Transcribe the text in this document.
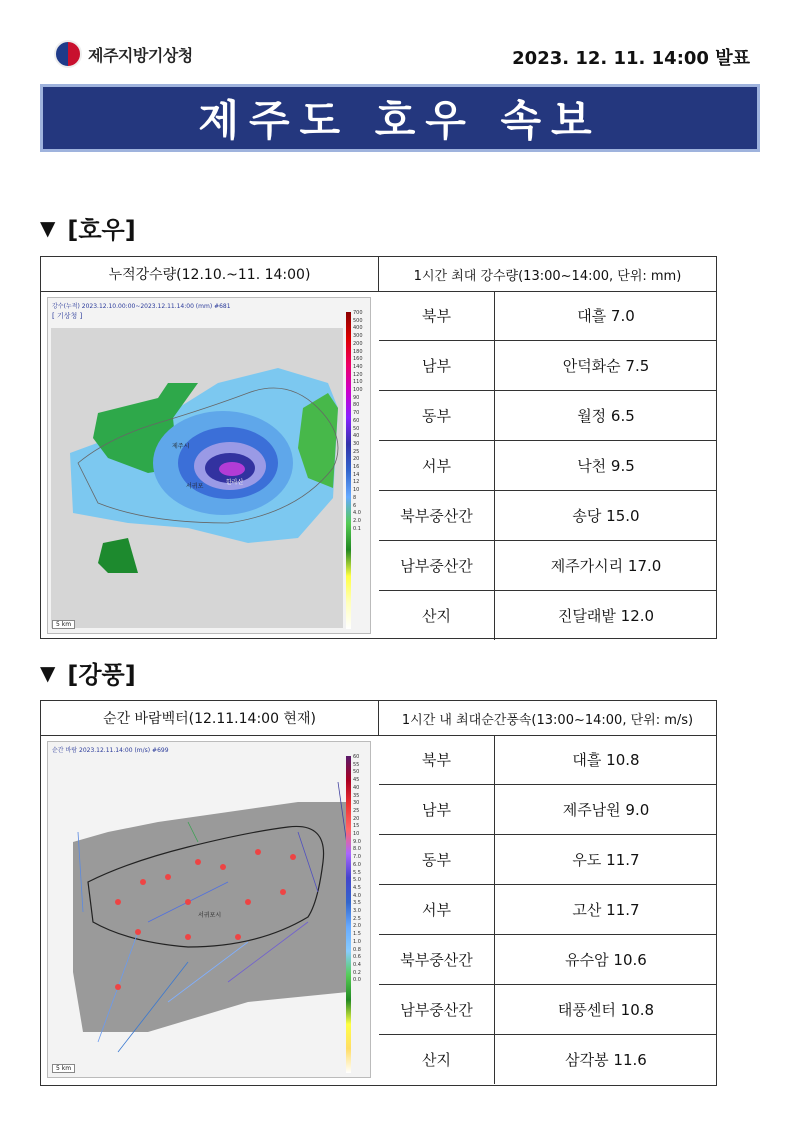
제주지방기상청	2023. 12. 11. 14:00 발표
제주도 호우 속보
▼ [호우]
누적강수량(12.10.~11. 14:00)	1시간 최대 강수량(13:00~14:00, 단위: mm)
강수(누적) 2023.12.10.00:00~2023.12.11.14:00 (mm) #681
[ 기상청 ]
제주시
서귀포
한라산
700
500
400
300
200
180
160
140
120
110
100
90
80
70
60
50
40
30
25
20
16
14
12
10
8
6
4.0
2.0
0.1
5 km
북부	대흘 7.0
남부	안덕화순 7.5
동부	월정 6.5
서부	낙천 9.5
북부중산간	송당 15.0
남부중산간	제주가시리 17.0
산지	진달래밭 12.0
▼ [강풍]
순간 바람벡터(12.11.14:00 현재)	1시간 내 최대순간풍속(13:00~14:00, 단위: m/s)
순간 바람 2023.12.11.14:00 (m/s) #699
서귀포시
60
55
50
45
40
35
30
25
20
15
10
9.0
8.0
7.0
6.0
5.5
5.0
4.5
4.0
3.5
3.0
2.5
2.0
1.5
1.0
0.8
0.6
0.4
0.2
0.0
5 km
북부	대흘 10.8
남부	제주남원 9.0
동부	우도 11.7
서부	고산 11.7
북부중산간	유수암 10.6
남부중산간	태풍센터 10.8
산지	삼각봉 11.6
